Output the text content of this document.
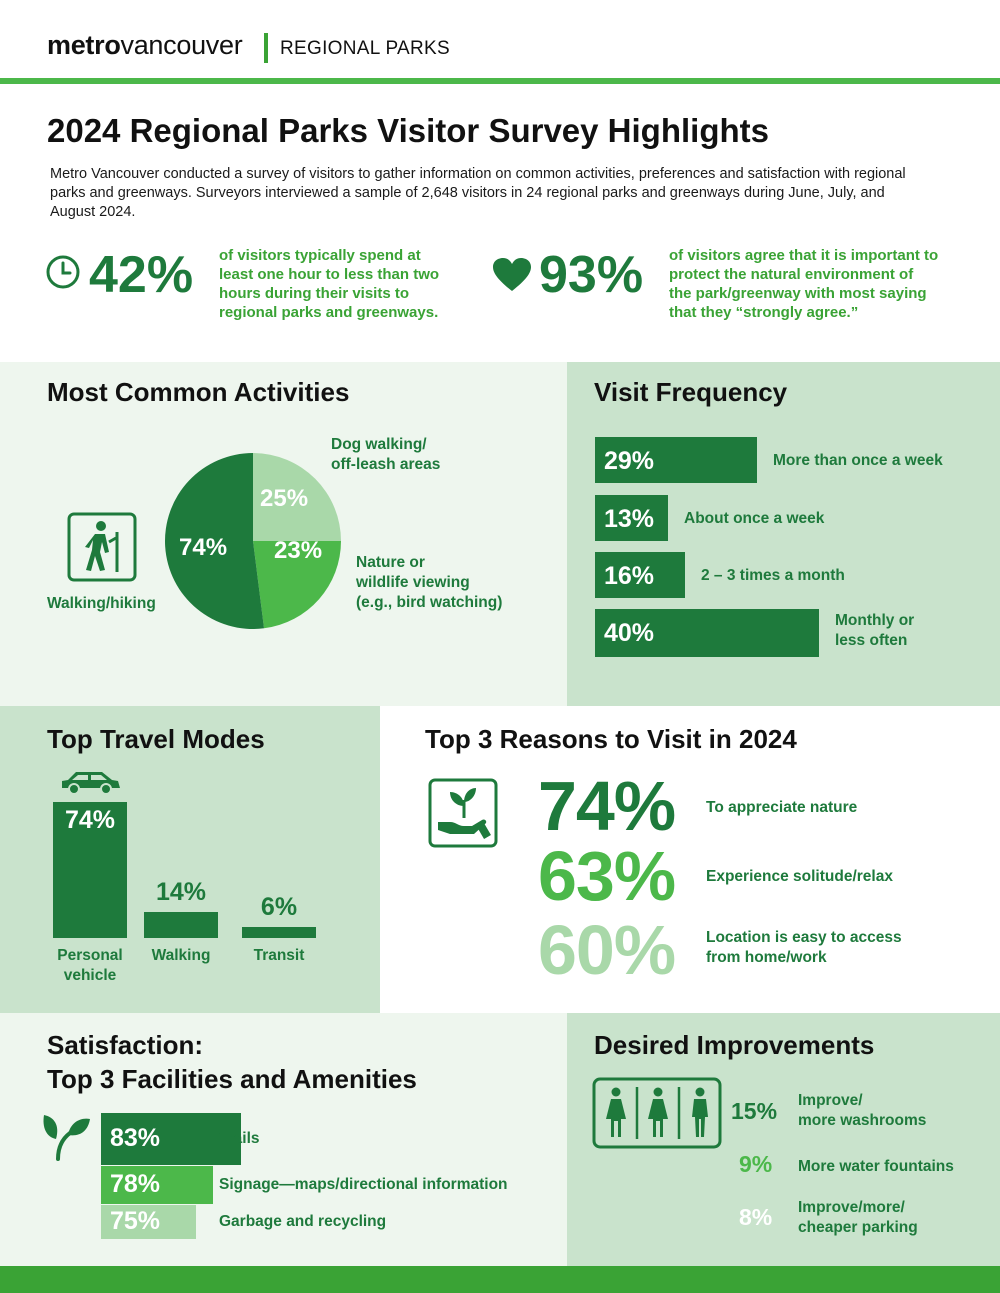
metrovancouver REGIONAL PARKS
2024 Regional Parks Visitor Survey Highlights
Metro Vancouver conducted a survey of visitors to gather information on common activities, preferences and satisfaction with regional parks and greenways. Surveyors interviewed a sample of 2,648 visitors in 24 regional parks and greenways during June, July, and August 2024.
42% of visitors typically spend at least one hour to less than two hours during their visits to regional parks and greenways.
93% of visitors agree that it is important to protect the natural environment of the park/greenway with most saying that they “strongly agree.”
Most Common Activities
Walking/hiking
74%
25%
23%
Dog walking/
off-leash areas
Nature or
wildlife viewing
(e.g., bird watching)
Visit Frequency
29%	More than once a week
13% About once a week
16%	2 – 3 times a month
40%	Monthly or
less often
Top Travel Modes
74%
Personal
vehicle
14%
Walking
6%
Transit
Top 3 Reasons to Visit in 2024
74% To appreciate nature
63% Experience solitude/relax
60% Location is easy to access
from home/work
Satisfaction:
Top 3 Facilities and Amenities
83%	Trails
78%	Signage—maps/directional information
75%	Garbage and recycling
Desired Improvements
15% Improve/
more washrooms
9% More water fountains
8% Improve/more/
cheaper parking
